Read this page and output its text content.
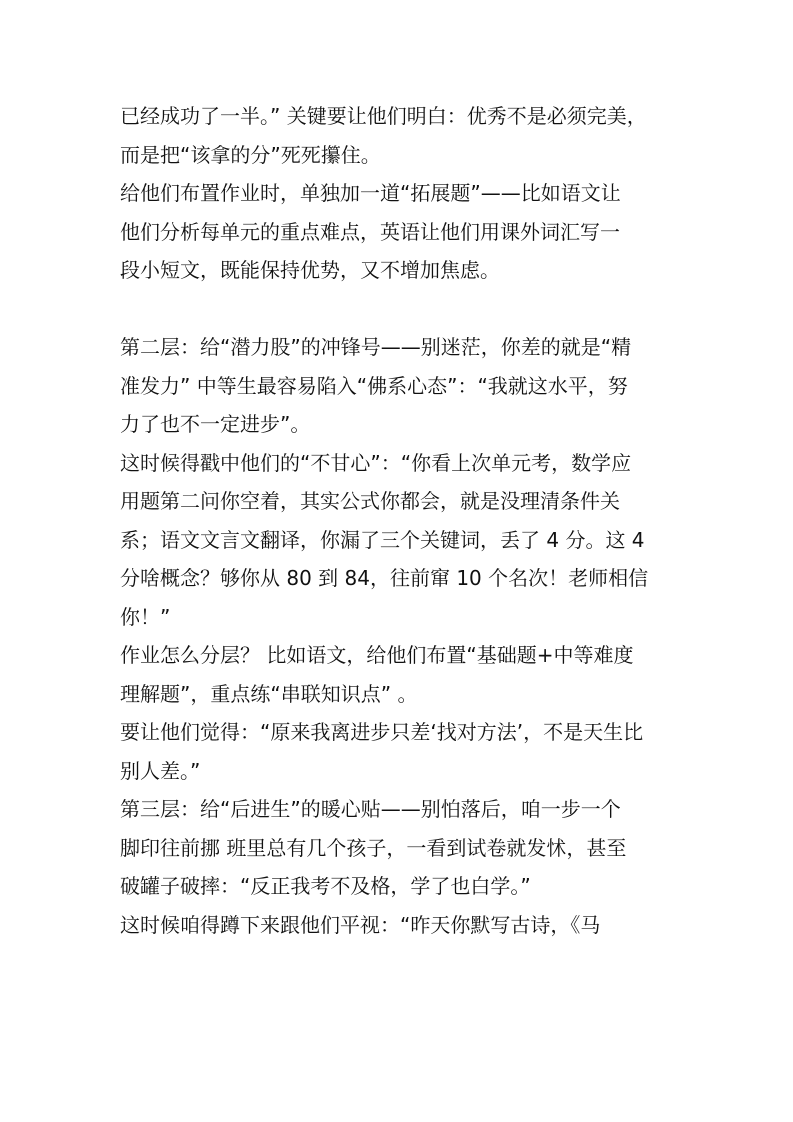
已经成功了一半。” 关键要让他们明白：优秀不是必须完美，
而是把“该拿的分”死死攥住。

给他们布置作业时，单独加一道“拓展题”——比如语文让
他们分析每单元的重点难点，英语让他们用课外词汇写一
段小短文，既能保持优势，又不增加焦虑。

第二层：给“潜力股”的冲锋号——别迷茫，你差的就是“精
准发力” 中等生最容易陷入“佛系心态”：“我就这水平，努
力了也不一定进步”。

这时候得戳中他们的“不甘心”：“你看上次单元考，数学应
用题第二问你空着，其实公式你都会，就是没理清条件关
系；语文文言文翻译，你漏了三个关键词，丢了 4 分。这 4
分啥概念？够你从 80 到 84，往前窜 10 个名次！老师相信
你！”

作业怎么分层？ 比如语文，给他们布置“基础题+中等难度
理解题”，重点练“串联知识点” 。

要让他们觉得：“原来我离进步只差‘找对方法’，不是天生比
别人差。”

第三层：给“后进生”的暖心贴——别怕落后，咱一步一个
脚印往前挪 班里总有几个孩子，一看到试卷就发怵，甚至
破罐子破摔：“反正我考不及格，学了也白学。”

这时候咱得蹲下来跟他们平视：“昨天你默写古诗，《马
